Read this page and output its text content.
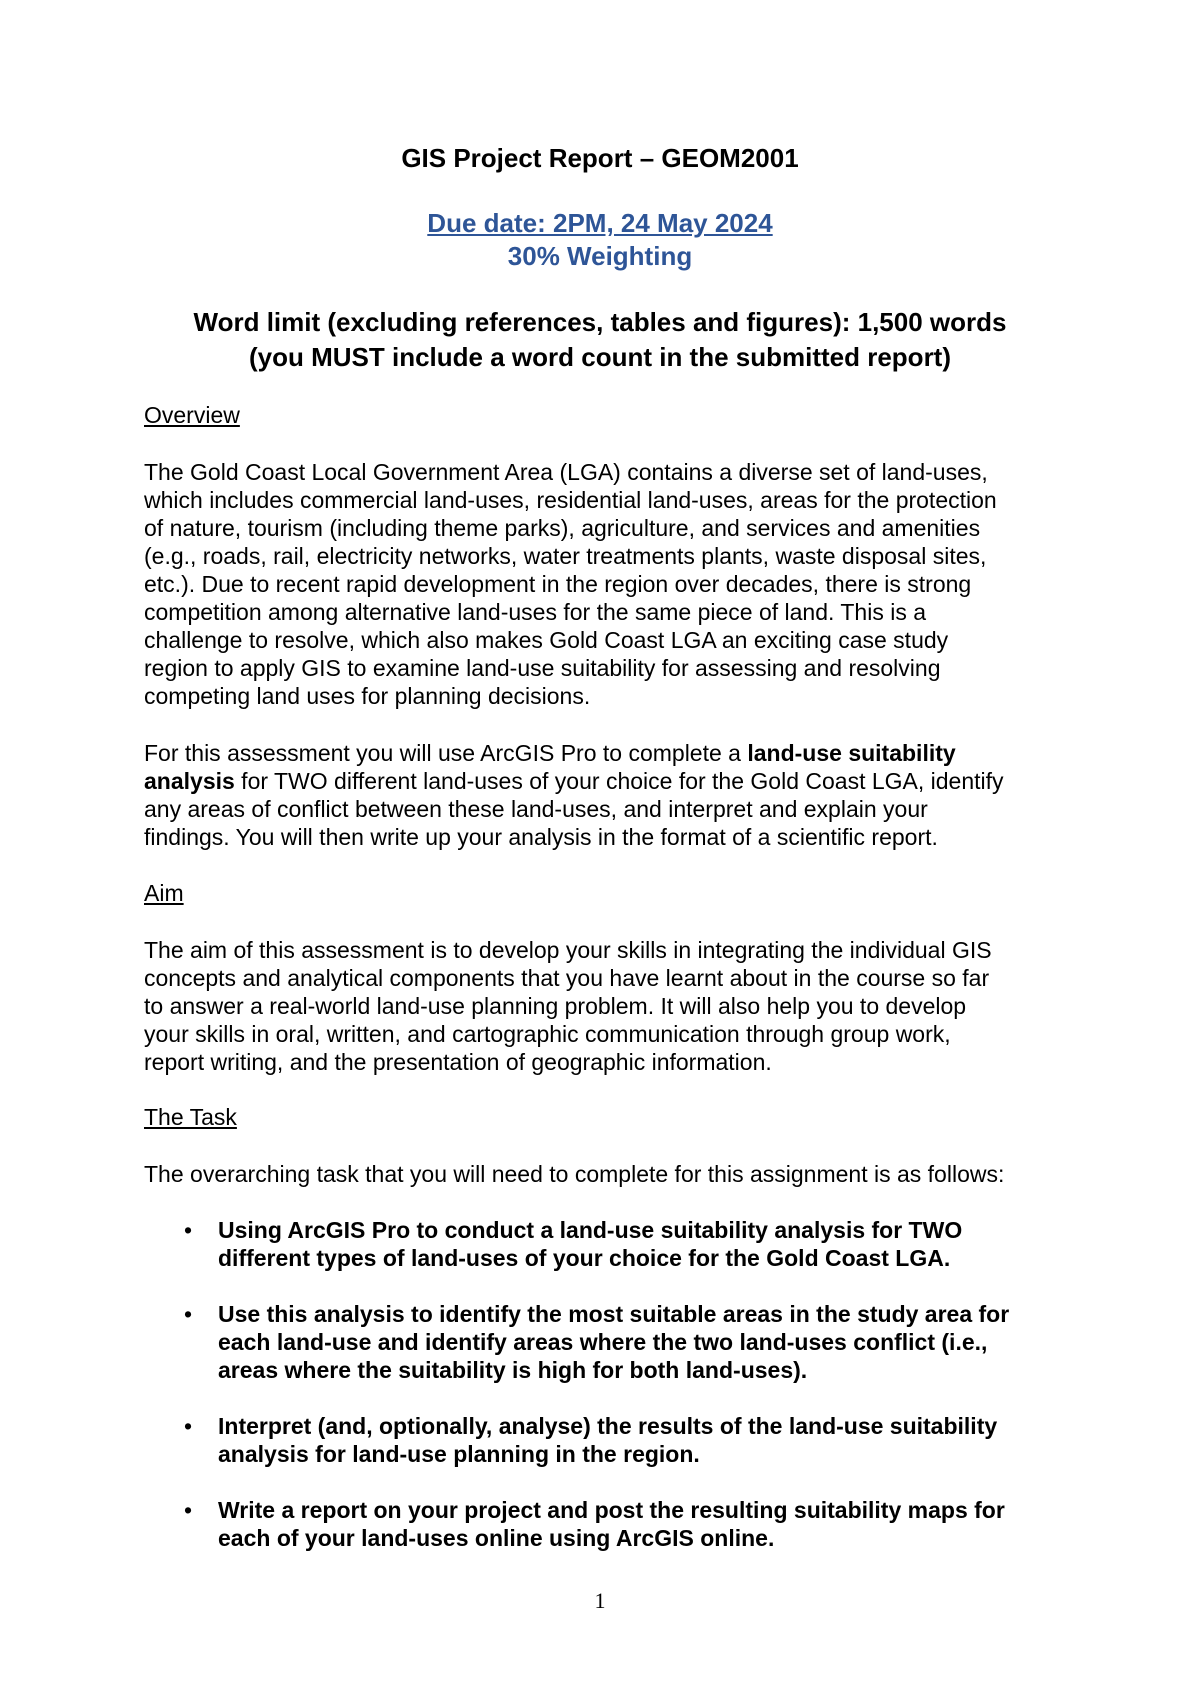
GIS Project Report – GEOM2001
Due date: 2PM, 24 May 2024
30% Weighting
Word limit (excluding references, tables and figures): 1,500 words
(you MUST include a word count in the submitted report)
Overview
The Gold Coast Local Government Area (LGA) contains a diverse set of land-uses,
which includes commercial land-uses, residential land-uses, areas for the protection
of nature, tourism (including theme parks), agriculture, and services and amenities
(e.g., roads, rail, electricity networks, water treatments plants, waste disposal sites,
etc.). Due to recent rapid development in the region over decades, there is strong
competition among alternative land-uses for the same piece of land. This is a
challenge to resolve, which also makes Gold Coast LGA an exciting case study
region to apply GIS to examine land-use suitability for assessing and resolving
competing land uses for planning decisions.
For this assessment you will use ArcGIS Pro to complete a land-use suitability
analysis for TWO different land-uses of your choice for the Gold Coast LGA, identify
any areas of conflict between these land-uses, and interpret and explain your
findings. You will then write up your analysis in the format of a scientific report.
Aim
The aim of this assessment is to develop your skills in integrating the individual GIS
concepts and analytical components that you have learnt about in the course so far
to answer a real-world land-use planning problem. It will also help you to develop
your skills in oral, written, and cartographic communication through group work,
report writing, and the presentation of geographic information.
The Task
The overarching task that you will need to complete for this assignment is as follows:
• Using ArcGIS Pro to conduct a land-use suitability analysis for TWO
different types of land-uses of your choice for the Gold Coast LGA.
• Use this analysis to identify the most suitable areas in the study area for
each land-use and identify areas where the two land-uses conflict (i.e.,
areas where the suitability is high for both land-uses).
• Interpret (and, optionally, analyse) the results of the land-use suitability
analysis for land-use planning in the region.
• Write a report on your project and post the resulting suitability maps for
each of your land-uses online using ArcGIS online.
1
